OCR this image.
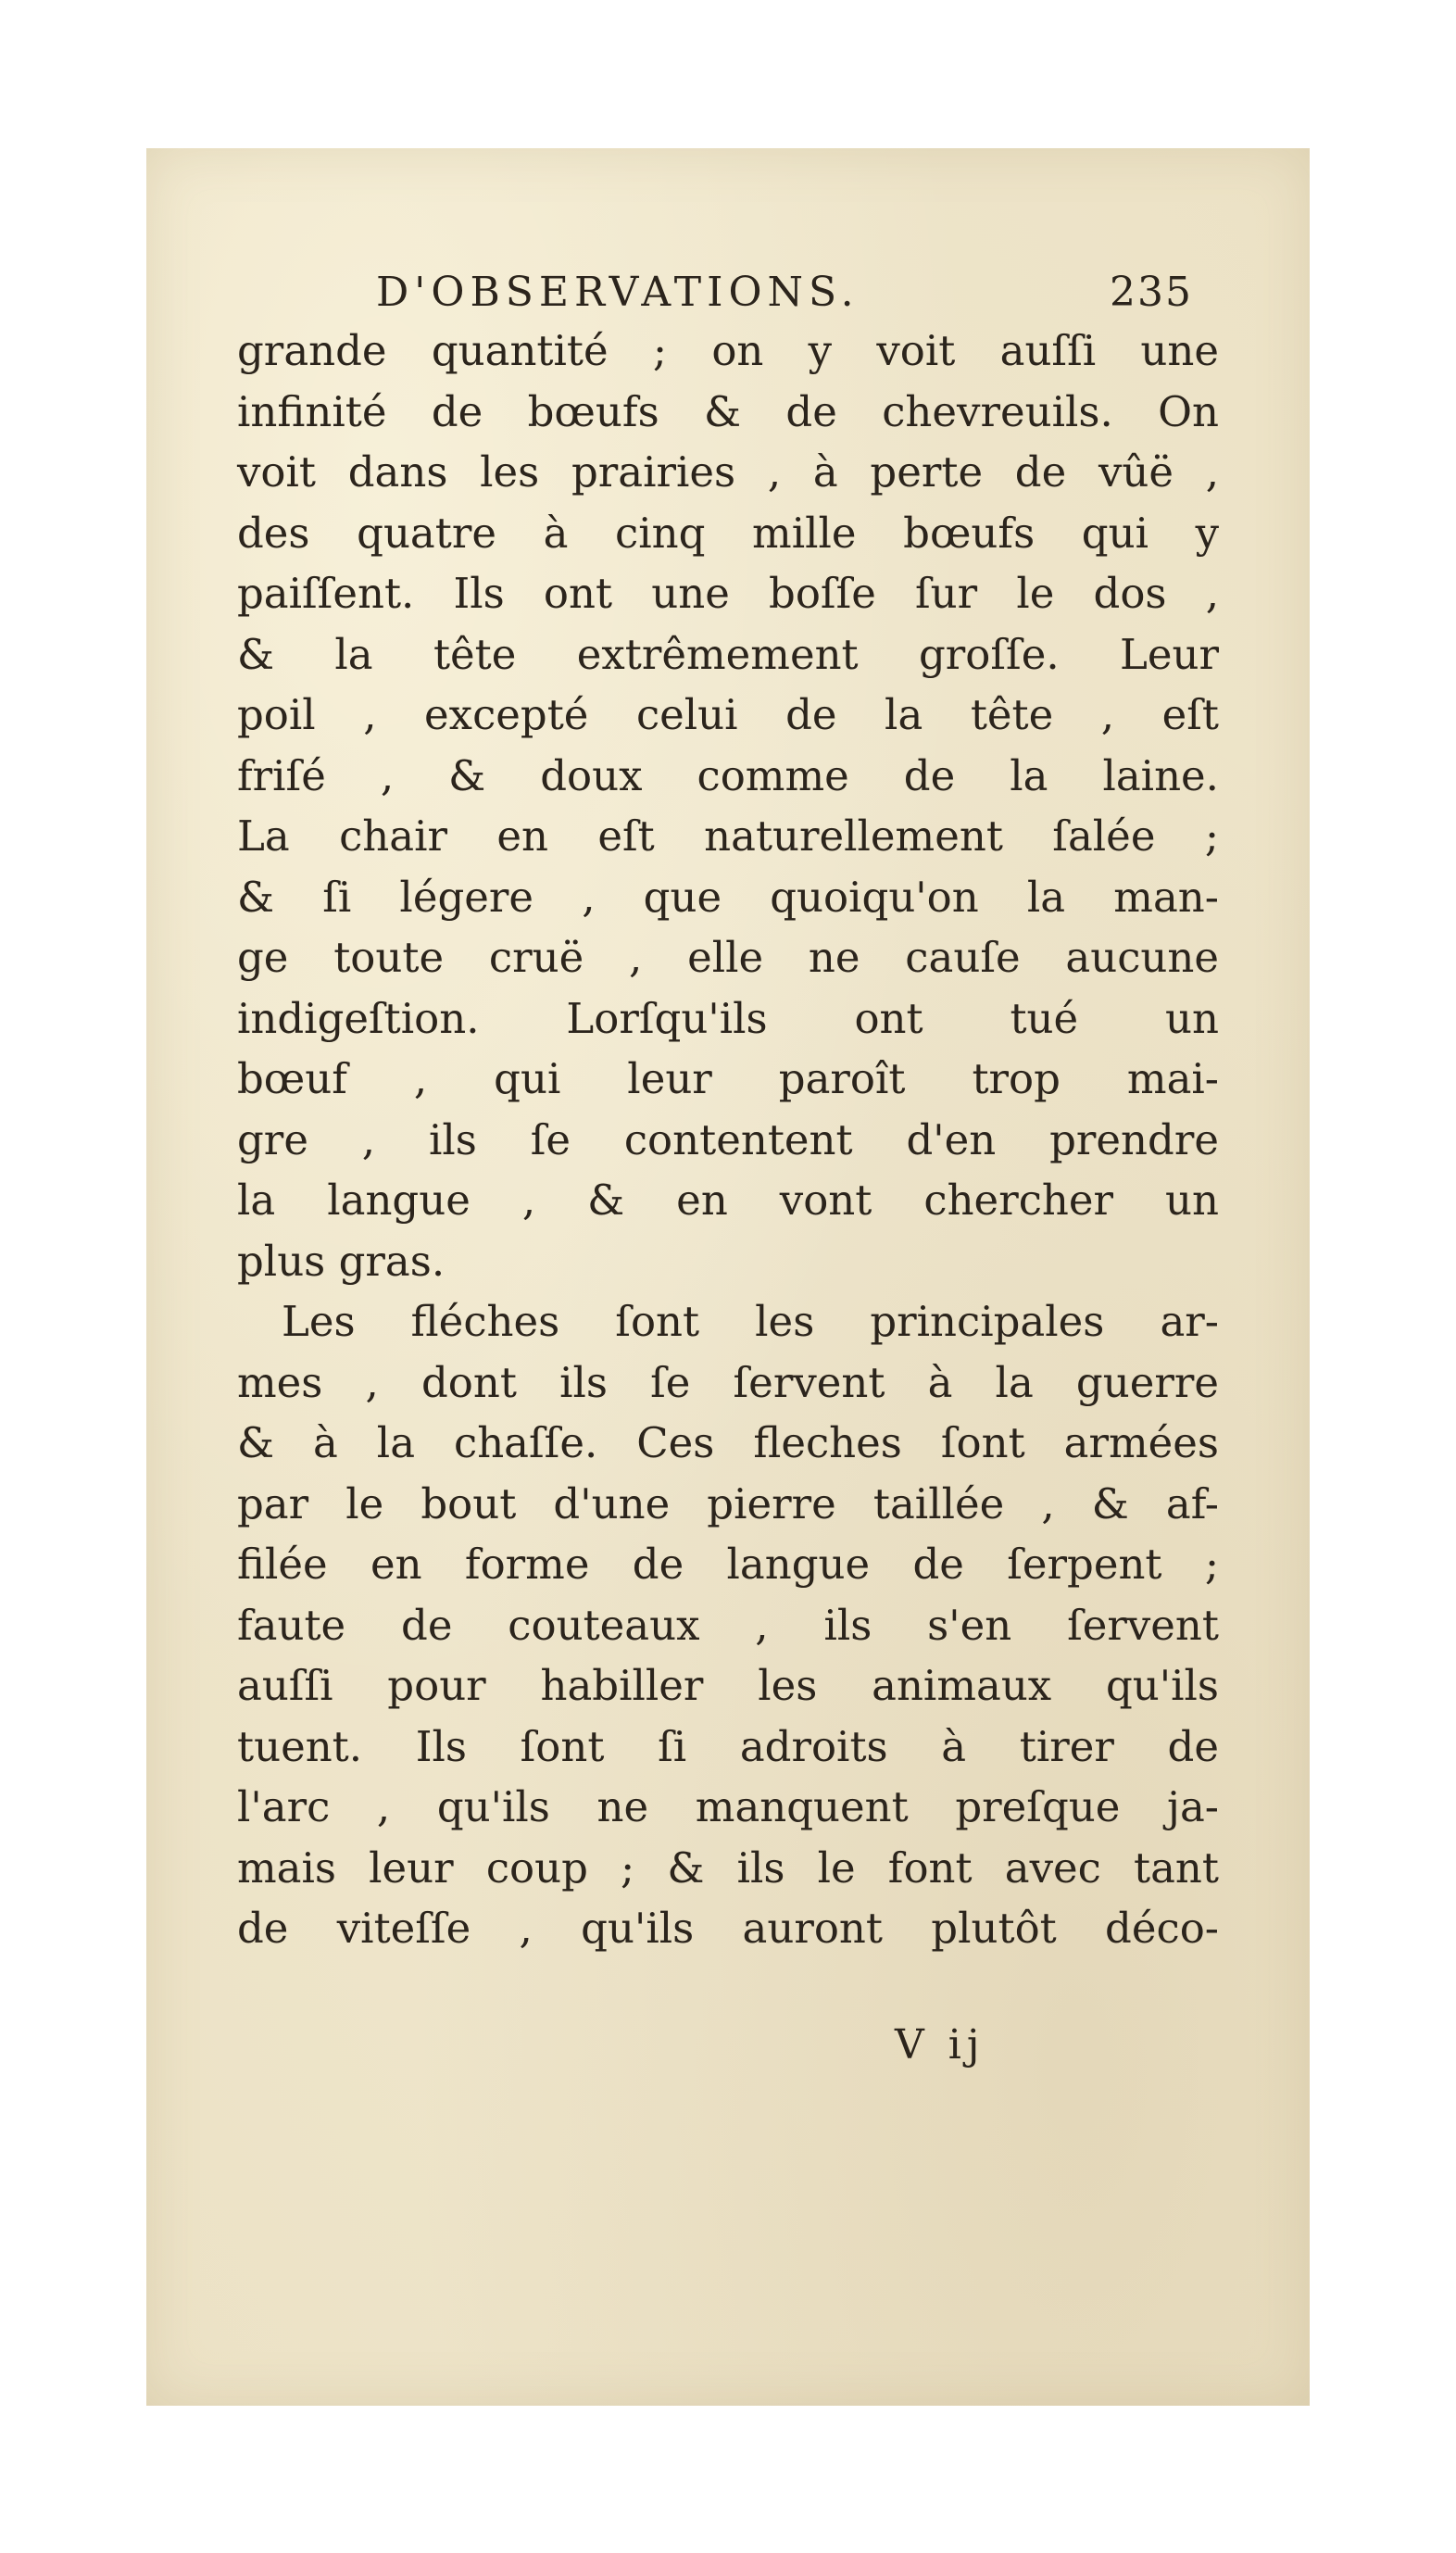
D'OBSERVATIONS.	235
grande quantité ; on y voit auſſi une
infinité de bœufs & de chevreuils. On
voit dans les prairies , à perte de vûë ,
des quatre à cinq mille bœufs qui y
paiſſent. Ils ont une boſſe ſur le dos ,
& la tête extrêmement groſſe. Leur
poil , excepté celui de la tête , eſt
friſé , & doux comme de la laine.
La chair en eſt naturellement ſalée ;
& ſi légere , que quoiqu'on la man-
ge toute cruë , elle ne cauſe aucune
indigeſtion. Lorſqu'ils ont tué un
bœuf , qui leur paroît trop mai-
gre , ils ſe contentent d'en prendre
la langue , & en vont chercher un
plus gras.
Les fléches ſont les principales ar-
mes , dont ils ſe ſervent à la guerre
& à la chaſſe. Ces fleches ſont armées
par le bout d'une pierre taillée , & af-
filée en forme de langue de ſerpent ;
faute de couteaux , ils s'en ſervent
auſſi pour habiller les animaux qu'ils
tuent. Ils ſont ſi adroits à tirer de
l'arc , qu'ils ne manquent preſque ja-
mais leur coup ; & ils le font avec tant
de viteſſe , qu'ils auront plutôt déco-
V ij
